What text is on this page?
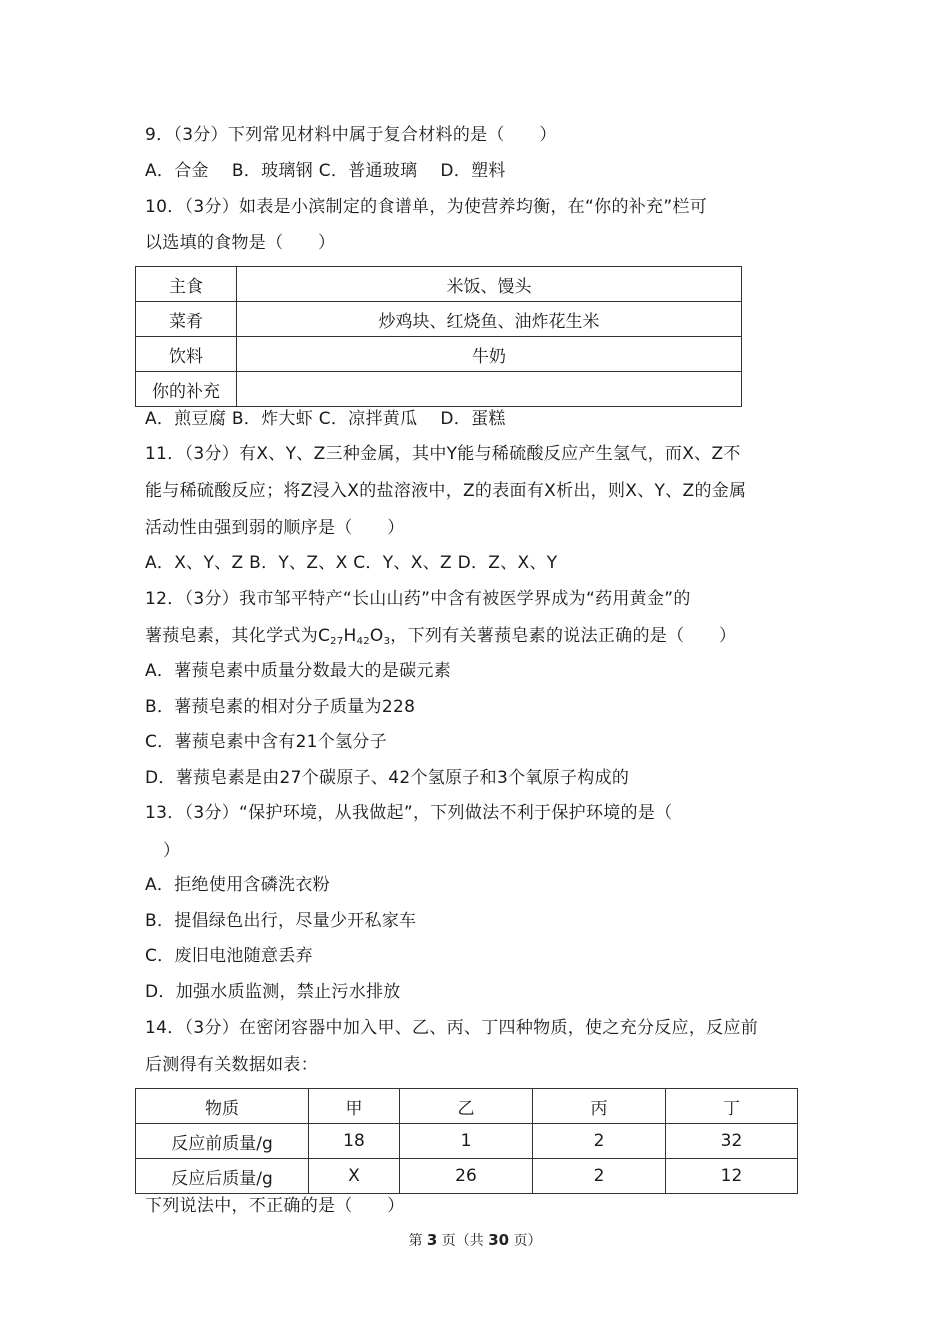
9．（3分）下列常见材料中属于复合材料的是（　　）
A．合金　 B．玻璃钢 C．普通玻璃　 D．塑料
10．（3分）如表是小滨制定的食谱单，为使营养均衡，在“你的补充”栏可
以选填的食物是（　　）
主食	米饭、馒头
菜肴	炒鸡块、红烧鱼、油炸花生米
饮料	牛奶
你的补充	
A．煎豆腐 B．炸大虾 C．凉拌黄瓜　 D．蛋糕
11．（3分）有X、Y、Z三种金属，其中Y能与稀硫酸反应产生氢气，而X、Z不
能与稀硫酸反应；将Z浸入X的盐溶液中，Z的表面有X析出，则X、Y、Z的金属
活动性由强到弱的顺序是（　　）
A．X、Y、Z B．Y、Z、X C．Y、X、Z D．Z、X、Y
12．（3分）我市邹平特产“长山山药”中含有被医学界成为“药用黄金”的
薯蓣皂素，其化学式为$C_{27}H_{42}O_3$，下列有关薯蓣皂素的说法正确的是（　　）
A．薯蓣皂素中质量分数最大的是碳元素
B．薯蓣皂素的相对分子质量为228
C．薯蓣皂素中含有21个氢分子
D．薯蓣皂素是由27个碳原子、42个氢原子和3个氧原子构成的
13．（3分）“保护环境，从我做起”，下列做法不利于保护环境的是（
）
A．拒绝使用含磷洗衣粉
B．提倡绿色出行，尽量少开私家车
C．废旧电池随意丢弃
D．加强水质监测，禁止污水排放
14．（3分）在密闭容器中加入甲、乙、丙、丁四种物质，使之充分反应，反应前
后测得有关数据如表：
物质	甲	乙	丙	丁
反应前质量/g	18	1	2	32
反应后质量/g	X	26	2	12
下列说法中，不正确的是（　　）
第 3 页（共 30 页）
